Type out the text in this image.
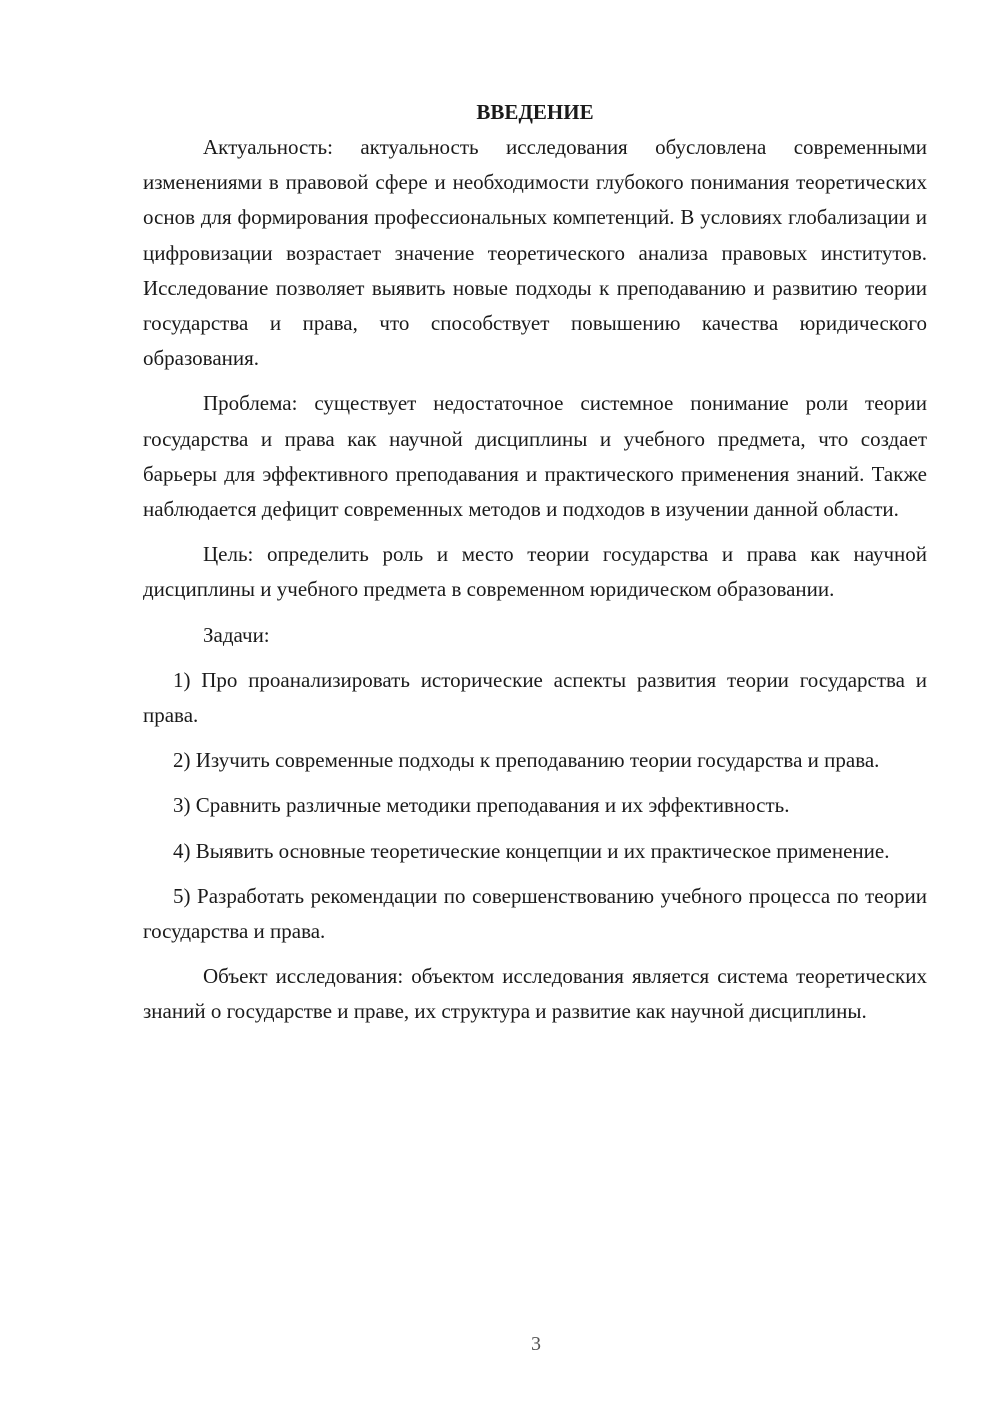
ВВЕДЕНИЕ

Актуальность: актуальность исследования обусловлена современными изменениями в правовой сфере и необходимости глубокого понимания теоретических основ для формирования профессиональных компетенций. В условиях глобализации и цифровизации возрастает значение теоретического анализа правовых институтов. Исследование позволяет выявить новые подходы к преподаванию и развитию теории государства и права, что способствует повышению качества юридического образования.

Проблема: существует недостаточное системное понимание роли теории государства и права как научной дисциплины и учебного предмета, что создает барьеры для эффективного преподавания и практического применения знаний. Также наблюдается дефицит современных методов и подходов в изучении данной области.

Цель: определить роль и место теории государства и права как научной дисциплины и учебного предмета в современном юридическом образовании.

Задачи:

1) Про проанализировать исторические аспекты развития теории государства и права.

2) Изучить современные подходы к преподаванию теории государства и права.

3) Сравнить различные методики преподавания и их эффективность.

4) Выявить основные теоретические концепции и их практическое применение.

5) Разработать рекомендации по совершенствованию учебного процесса по теории государства и права.

Объект исследования: объектом исследования является система теоретических знаний о государстве и праве, их структура и развитие как научной дисциплины.

3
